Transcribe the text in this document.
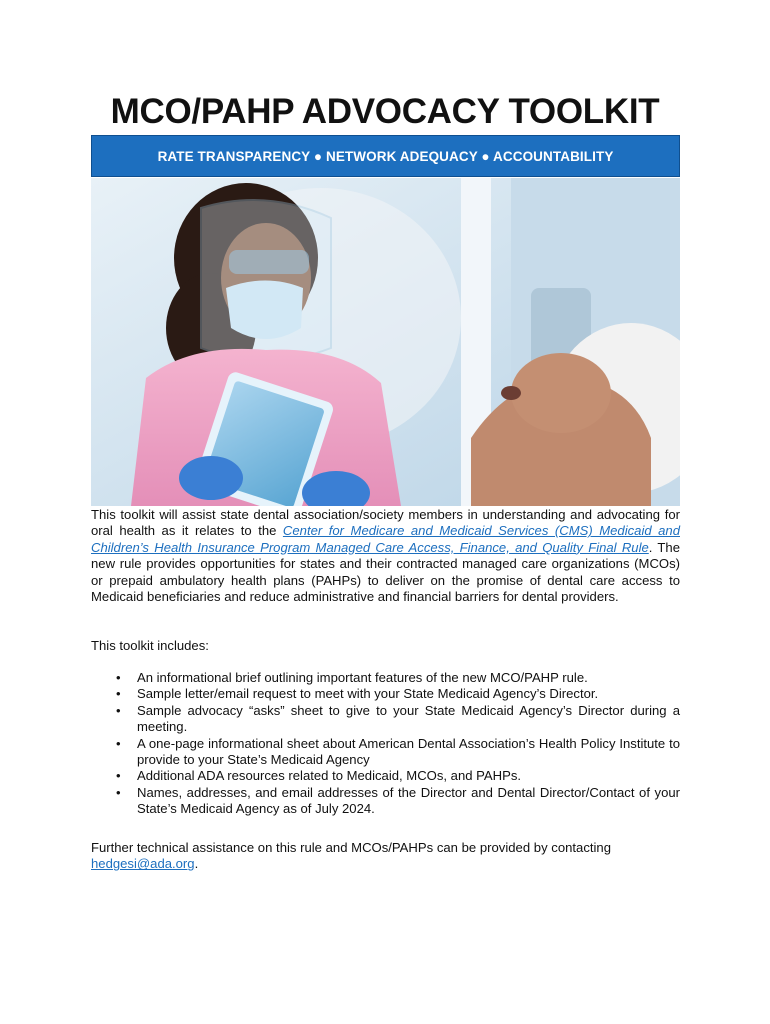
MCO/PAHP ADVOCACY TOOLKIT
RATE TRANSPARENCY ● NETWORK ADEQUACY ● ACCOUNTABILITY
This toolkit will assist state dental association/society members in understanding and advocating for oral health as it relates to the Center for Medicare and Medicaid Services (CMS) Medicaid and Children’s Health Insurance Program Managed Care Access, Finance, and Quality Final Rule. The new rule provides opportunities for states and their contracted managed care organizations (MCOs) or prepaid ambulatory health plans (PAHPs) to deliver on the promise of dental care access to Medicaid beneficiaries and reduce administrative and financial barriers for dental providers.
This toolkit includes:
• An informational brief outlining important features of the new MCO/PAHP rule.
• Sample letter/email request to meet with your State Medicaid Agency’s Director.
• Sample advocacy “asks” sheet to give to your State Medicaid Agency’s Director during a meeting.
• A one-page informational sheet about American Dental Association’s Health Policy Institute to provide to your State’s Medicaid Agency
• Additional ADA resources related to Medicaid, MCOs, and PAHPs.
• Names, addresses, and email addresses of the Director and Dental Director/Contact of your State’s Medicaid Agency as of July 2024.
Further technical assistance on this rule and MCOs/PAHPs can be provided by contacting hedgesi@ada.org.
